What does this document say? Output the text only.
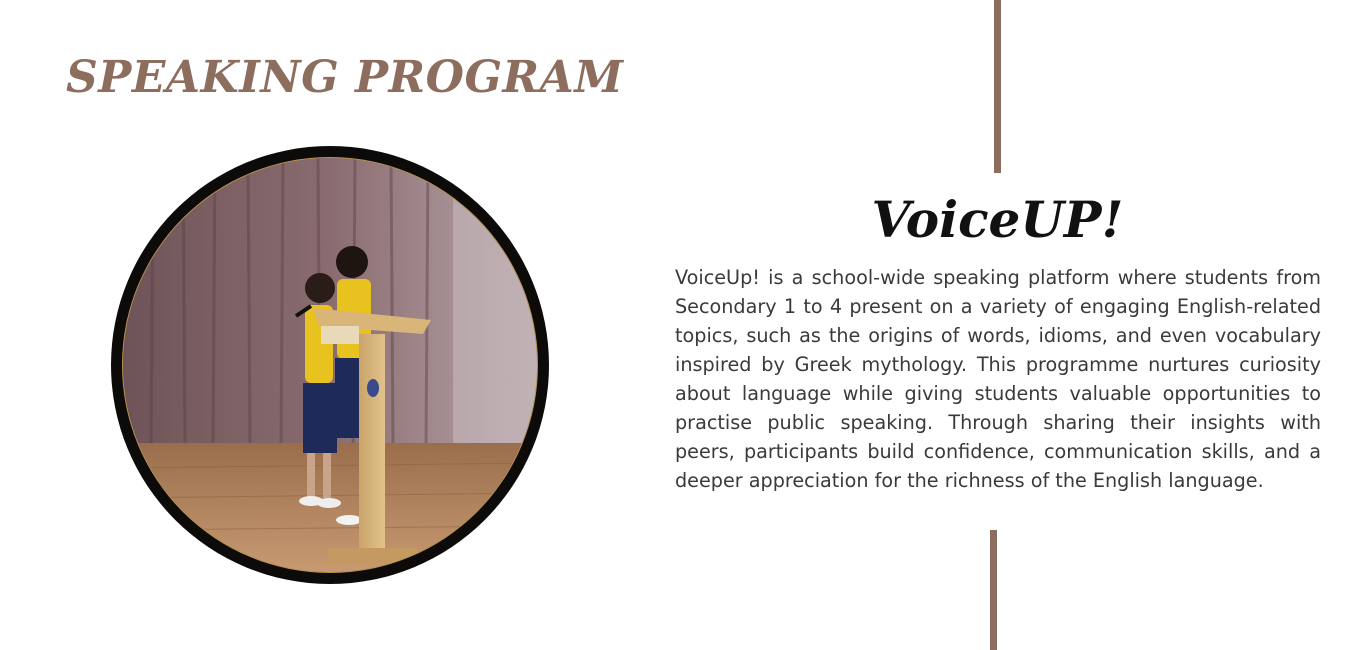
SPEAKING PROGRAM
VoiceUP!

VoiceUp! is a school-wide speaking platform where students from Secondary 1 to 4 present on a variety of engaging English-related topics, such as the origins of words, idioms, and even vocabulary inspired by Greek mythology. This programme nurtures curiosity about language while giving students valuable opportunities to practise public speaking. Through sharing their insights with peers, participants build confidence, communication skills, and a deeper appreciation for the richness of the English language.
